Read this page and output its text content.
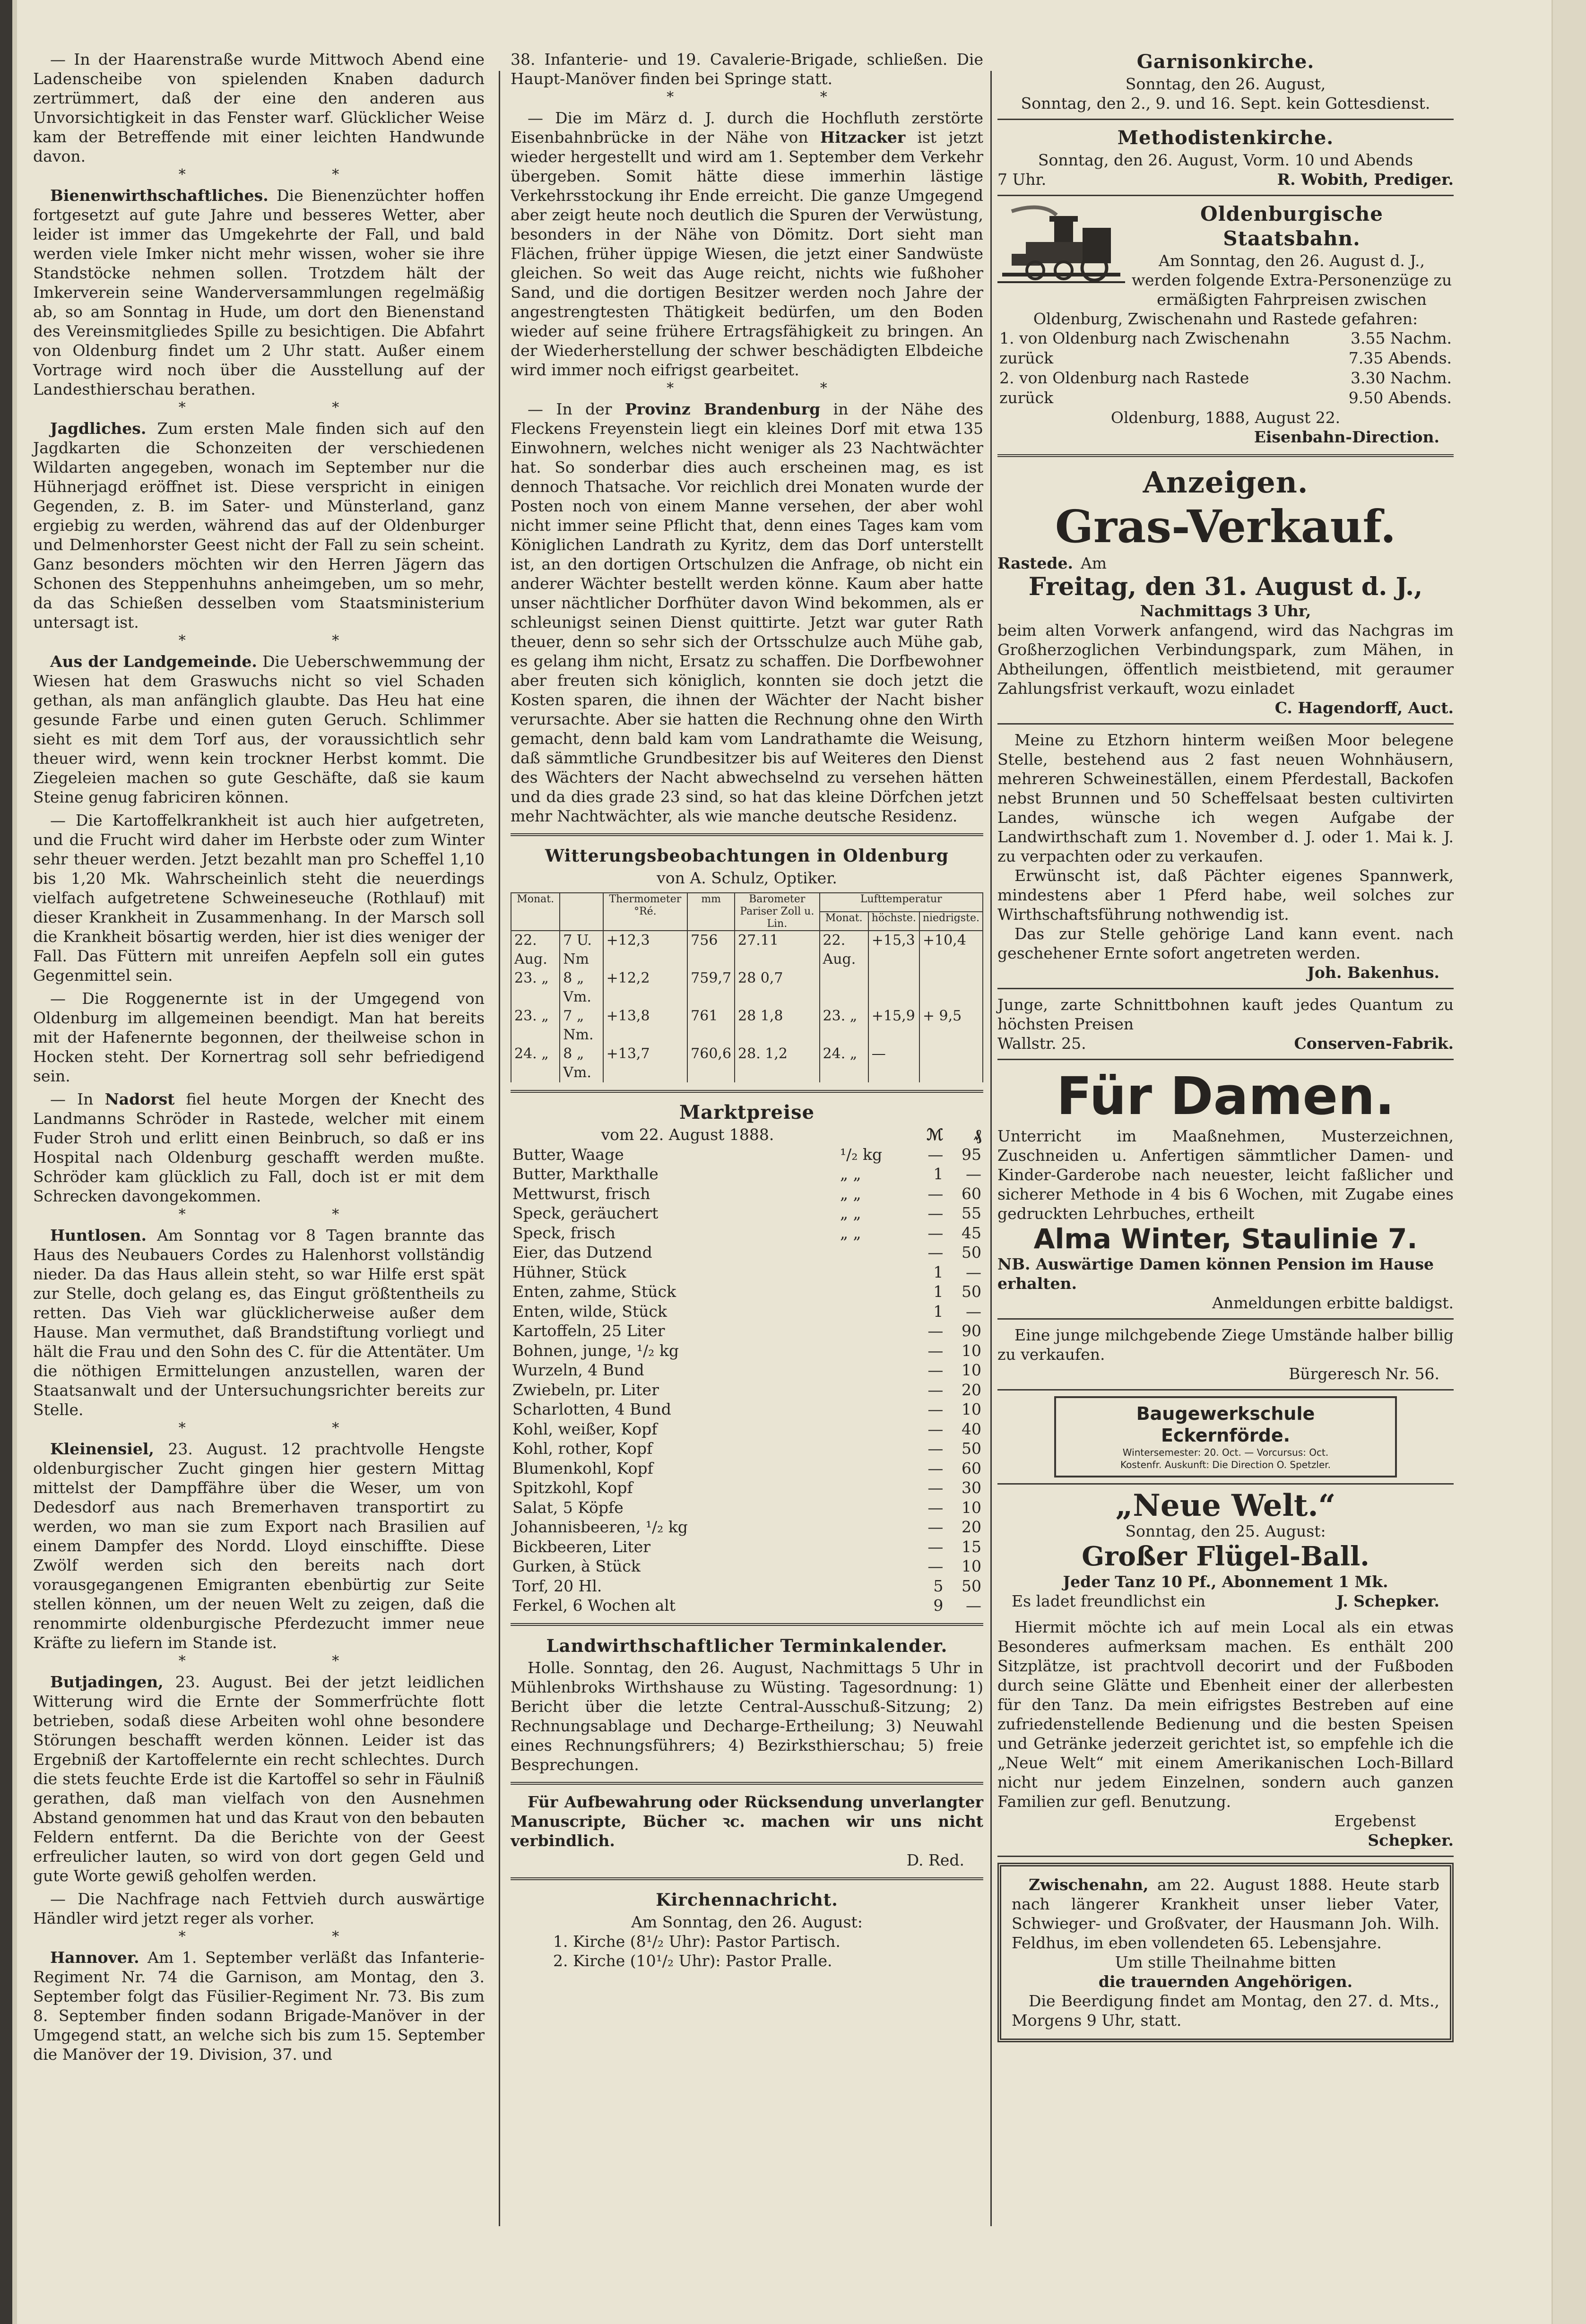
— In der Haarenstraße wurde Mittwoch Abend eine Ladenscheibe von spielenden Knaben dadurch zertrümmert, daß der eine den anderen aus Unvorsichtigkeit in das Fenster warf. Glücklicher Weise kam der Betreffende mit einer leichten Handwunde davon.

* *

Bienenwirthschaftliches. Die Bienenzüchter hoffen fortgesetzt auf gute Jahre und besseres Wetter, aber leider ist immer das Umgekehrte der Fall, und bald werden viele Imker nicht mehr wissen, woher sie ihre Standstöcke nehmen sollen. Trotzdem hält der Imkerverein seine Wanderversammlungen regelmäßig ab, so am Sonntag in Hude, um dort den Bienenstand des Vereinsmitgliedes Spille zu besichtigen. Die Abfahrt von Oldenburg findet um 2 Uhr statt. Außer einem Vortrage wird noch über die Ausstellung auf der Landesthierschau berathen.

* *

Jagdliches. Zum ersten Male finden sich auf den Jagdkarten die Schonzeiten der verschiedenen Wildarten angegeben, wonach im September nur die Hühnerjagd eröffnet ist. Diese verspricht in einigen Gegenden, z. B. im Sater- und Münsterland, ganz ergiebig zu werden, während das auf der Oldenburger und Delmenhorster Geest nicht der Fall zu sein scheint. Ganz besonders möchten wir den Herren Jägern das Schonen des Steppenhuhns anheimgeben, um so mehr, da das Schießen desselben vom Staatsministerium untersagt ist.

* *

Aus der Landgemeinde. Die Ueberschwemmung der Wiesen hat dem Graswuchs nicht so viel Schaden gethan, als man anfänglich glaubte. Das Heu hat eine gesunde Farbe und einen guten Geruch. Schlimmer sieht es mit dem Torf aus, der voraussichtlich sehr theuer wird, wenn kein trockner Herbst kommt. Die Ziegeleien machen so gute Geschäfte, daß sie kaum Steine genug fabriciren können.

— Die Kartoffelkrankheit ist auch hier aufgetreten, und die Frucht wird daher im Herbste oder zum Winter sehr theuer werden. Jetzt bezahlt man pro Scheffel 1,10 bis 1,20 Mk. Wahrscheinlich steht die neuerdings vielfach aufgetretene Schweineseuche (Rothlauf) mit dieser Krankheit in Zusammenhang. In der Marsch soll die Krankheit bösartig werden, hier ist dies weniger der Fall. Das Füttern mit unreifen Aepfeln soll ein gutes Gegenmittel sein.

— Die Roggenernte ist in der Umgegend von Oldenburg im allgemeinen beendigt. Man hat bereits mit der Hafenernte begonnen, der theilweise schon in Hocken steht. Der Kornertrag soll sehr befriedigend sein.

— In Nadorst fiel heute Morgen der Knecht des Landmanns Schröder in Rastede, welcher mit einem Fuder Stroh und erlitt einen Beinbruch, so daß er ins Hospital nach Oldenburg geschafft werden mußte. Schröder kam glücklich zu Fall, doch ist er mit dem Schrecken davongekommen.

* *

Huntlosen. Am Sonntag vor 8 Tagen brannte das Haus des Neubauers Cordes zu Halenhorst vollständig nieder. Da das Haus allein steht, so war Hilfe erst spät zur Stelle, doch gelang es, das Eingut größtentheils zu retten. Das Vieh war glücklicherweise außer dem Hause. Man vermuthet, daß Brandstiftung vorliegt und hält die Frau und den Sohn des C. für die Attentäter. Um die nöthigen Ermittelungen anzustellen, waren der Staatsanwalt und der Untersuchungsrichter bereits zur Stelle.

* *

Kleinensiel, 23. August. 12 prachtvolle Hengste oldenburgischer Zucht gingen hier gestern Mittag mittelst der Dampffähre über die Weser, um von Dedesdorf aus nach Bremerhaven transportirt zu werden, wo man sie zum Export nach Brasilien auf einem Dampfer des Nordd. Lloyd einschiffte. Diese Zwölf werden sich den bereits nach dort vorausgegangenen Emigranten ebenbürtig zur Seite stellen können, um der neuen Welt zu zeigen, daß die renommirte oldenburgische Pferdezucht immer neue Kräfte zu liefern im Stande ist.

* *

Butjadingen, 23. August. Bei der jetzt leidlichen Witterung wird die Ernte der Sommerfrüchte flott betrieben, sodaß diese Arbeiten wohl ohne besondere Störungen beschafft werden können. Leider ist das Ergebniß der Kartoffelernte ein recht schlechtes. Durch die stets feuchte Erde ist die Kartoffel so sehr in Fäulniß gerathen, daß man vielfach von den Ausnehmen Abstand genommen hat und das Kraut von den bebauten Feldern entfernt. Da die Berichte von der Geest erfreulicher lauten, so wird von dort gegen Geld und gute Worte gewiß geholfen werden.

— Die Nachfrage nach Fettvieh durch auswärtige Händler wird jetzt reger als vorher.

* *

Hannover. Am 1. September verläßt das Infanterie-Regiment Nr. 74 die Garnison, am Montag, den 3. September folgt das Füsilier-Regiment Nr. 73. Bis zum 8. September finden sodann Brigade-Manöver in der Umgegend statt, an welche sich bis zum 15. September die Manöver der 19. Division, 37. und

38. Infanterie- und 19. Cavalerie-Brigade, schließen. Die Haupt-Manöver finden bei Springe statt.

* *

— Die im März d. J. durch die Hochfluth zerstörte Eisenbahnbrücke in der Nähe von Hitzacker ist jetzt wieder hergestellt und wird am 1. September dem Verkehr übergeben. Somit hätte diese immerhin lästige Verkehrsstockung ihr Ende erreicht. Die ganze Umgegend aber zeigt heute noch deutlich die Spuren der Verwüstung, besonders in der Nähe von Dömitz. Dort sieht man Flächen, früher üppige Wiesen, die jetzt einer Sandwüste gleichen. So weit das Auge reicht, nichts wie fußhoher Sand, und die dortigen Besitzer werden noch Jahre der angestrengtesten Thätigkeit bedürfen, um den Boden wieder auf seine frühere Ertragsfähigkeit zu bringen. An der Wiederherstellung der schwer beschädigten Elbdeiche wird immer noch eifrigst gearbeitet.

* *

— In der Provinz Brandenburg in der Nähe des Fleckens Freyenstein liegt ein kleines Dorf mit etwa 135 Einwohnern, welches nicht weniger als 23 Nachtwächter hat. So sonderbar dies auch erscheinen mag, es ist dennoch Thatsache. Vor reichlich drei Monaten wurde der Posten noch von einem Manne versehen, der aber wohl nicht immer seine Pflicht that, denn eines Tages kam vom Königlichen Landrath zu Kyritz, dem das Dorf unterstellt ist, an den dortigen Ortschulzen die Anfrage, ob nicht ein anderer Wächter bestellt werden könne. Kaum aber hatte unser nächtlicher Dorfhüter davon Wind bekommen, als er schleunigst seinen Dienst quittirte. Jetzt war guter Rath theuer, denn so sehr sich der Ortsschulze auch Mühe gab, es gelang ihm nicht, Ersatz zu schaffen. Die Dorfbewohner aber freuten sich königlich, konnten sie doch jetzt die Kosten sparen, die ihnen der Wächter der Nacht bisher verursachte. Aber sie hatten die Rechnung ohne den Wirth gemacht, denn bald kam vom Landrathamte die Weisung, daß sämmtliche Grundbesitzer bis auf Weiteres den Dienst des Wächters der Nacht abwechselnd zu versehen hätten und da dies grade 23 sind, so hat das kleine Dörfchen jetzt mehr Nachtwächter, als wie manche deutsche Residenz.

Witterungsbeobachtungen in Oldenburg
von A. Schulz, Optiker.
Monat.		Thermometer °Ré.	mm	Barometer Pariser Zoll u. Lin.	Lufttemperatur		
					Monat.	höchste.	niedrigste.
22. Aug.	7 U. Nm	+12,3	756	27.11	22. Aug.	+15,3	+10,4
23. „	8 „ Vm.	+12,2	759,7	28 0,7			
23. „	7 „ Nm.	+13,8	761	28 1,8	23. „	+15,9	+ 9,5
24. „	8 „ Vm.	+13,7	760,6	28. 1,2	24. „	—	
Marktpreise
vom 22. August 1888.		ℳ	₰
Butter, Waage	¹/₂ kg	—	95
Butter, Markthalle	„ „	1	—
Mettwurst, frisch	„ „	—	60
Speck, geräuchert	„ „	—	55
Speck, frisch	„ „	—	45
Eier, das Dutzend		—	50
Hühner, Stück		1	—
Enten, zahme, Stück		1	50
Enten, wilde, Stück		1	—
Kartoffeln, 25 Liter		—	90
Bohnen, junge, ¹/₂ kg		—	10
Wurzeln, 4 Bund		—	10
Zwiebeln, pr. Liter		—	20
Scharlotten, 4 Bund		—	10
Kohl, weißer, Kopf		—	40
Kohl, rother, Kopf		—	50
Blumenkohl, Kopf		—	60
Spitzkohl, Kopf		—	30
Salat, 5 Köpfe		—	10
Johannisbeeren, ¹/₂ kg		—	20
Bickbeeren, Liter		—	15
Gurken, à Stück		—	10
Torf, 20 Hl.		5	50
Ferkel, 6 Wochen alt		9	—
Landwirthschaftlicher Terminkalender.

Holle. Sonntag, den 26. August, Nachmittags 5 Uhr in Mühlenbroks Wirthshause zu Wüsting. Tagesordnung: 1) Bericht über die letzte Central-Ausschuß-Sitzung; 2) Rechnungsablage und Decharge-Ertheilung; 3) Neuwahl eines Rechnungsführers; 4) Bezirksthierschau; 5) freie Besprechungen.

Für Aufbewahrung oder Rücksendung unverlangter Manuscripte, Bücher ꝛc. machen wir uns nicht verbindlich.

D. Red.
Kirchennachricht.
Am Sonntag, den 26. August:
1. Kirche (8¹/₂ Uhr): Pastor Partisch.
2. Kirche (10¹/₂ Uhr): Pastor Pralle.
Garnisonkirche.
Sonntag, den 26. August,
Sonntag, den 2., 9. und 16. Sept. kein Gottesdienst.
Methodistenkirche.
Sonntag, den 26. August, Vorm. 10 und Abends
7 Uhr.	R. Wobith, Prediger.
Oldenburgische Staatsbahn.

Am Sonntag, den 26. August d. J., werden folgende Extra-Personenzüge zu ermäßigten Fahrpreisen zwischen Oldenburg, Zwischenahn und Rastede gefahren:

1. von Oldenburg nach Zwischenahn	3.55 Nachm.
zurück	7.35 Abends.
2. von Oldenburg nach Rastede	3.30 Nachm.
zurück	9.50 Abends.
Oldenburg, 1888, August 22.
Eisenbahn-Direction.
Anzeigen.
Gras-Verkauf.
Rastede. Am
Freitag, den 31. August d. J.,
Nachmittags 3 Uhr,

beim alten Vorwerk anfangend, wird das Nachgras im Großherzoglichen Verbindungspark, zum Mähen, in Abtheilungen, öffentlich meistbietend, mit geraumer Zahlungsfrist verkauft, wozu einladet

C. Hagendorff, Auct.

Meine zu Etzhorn hinterm weißen Moor belegene Stelle, bestehend aus 2 fast neuen Wohnhäusern, mehreren Schweineställen, einem Pferdestall, Backofen nebst Brunnen und 50 Scheffelsaat besten cultivirten Landes, wünsche ich wegen Aufgabe der Landwirthschaft zum 1. November d. J. oder 1. Mai k. J. zu verpachten oder zu verkaufen.

Erwünscht ist, daß Pächter eigenes Spannwerk, mindestens aber 1 Pferd habe, weil solches zur Wirthschaftsführung nothwendig ist.

Das zur Stelle gehörige Land kann event. nach geschehener Ernte sofort angetreten werden.

Joh. Bakenhus.

Junge, zarte Schnittbohnen kauft jedes Quantum zu höchsten Preisen

Wallstr. 25.	Conserven-Fabrik.
Für Damen.

Unterricht im Maaßnehmen, Musterzeichnen, Zuschneiden u. Anfertigen sämmtlicher Damen- und Kinder-Garderobe nach neuester, leicht faßlicher und sicherer Methode in 4 bis 6 Wochen, mit Zugabe eines gedruckten Lehrbuches, ertheilt

Alma Winter, Staulinie 7.
NB. Auswärtige Damen können Pension im Hause erhalten.
Anmeldungen erbitte baldigst.

Eine junge milchgebende Ziege Umstände halber billig zu verkaufen.

Bürgeresch Nr. 56.
Baugewerkschule
Eckernförde.
Wintersemester: 20. Oct. — Vorcursus: Oct.
Kostenfr. Auskunft: Die Direction O. Spetzler.
„Neue Welt.“
Sonntag, den 25. August:
Großer Flügel-Ball.
Jeder Tanz 10 Pf., Abonnement 1 Mk.
Es ladet freundlichst ein	J. Schepker.

Hiermit möchte ich auf mein Local als ein etwas Besonderes aufmerksam machen. Es enthält 200 Sitzplätze, ist prachtvoll decorirt und der Fußboden durch seine Glätte und Ebenheit einer der allerbesten für den Tanz. Da mein eifrigstes Bestreben auf eine zufriedenstellende Bedienung und die besten Speisen und Getränke jederzeit gerichtet ist, so empfehle ich die „Neue Welt“ mit einem Amerikanischen Loch-Billard nicht nur jedem Einzelnen, sondern auch ganzen Familien zur gefl. Benutzung.

Ergebenst
Schepker.

Zwischenahn, am 22. August 1888. Heute starb nach längerer Krankheit unser lieber Vater, Schwieger- und Großvater, der Hausmann Joh. Wilh. Feldhus, im eben vollendeten 65. Lebensjahre.

Um stille Theilnahme bitten
die trauernden Angehörigen.

Die Beerdigung findet am Montag, den 27. d. Mts., Morgens 9 Uhr, statt.
